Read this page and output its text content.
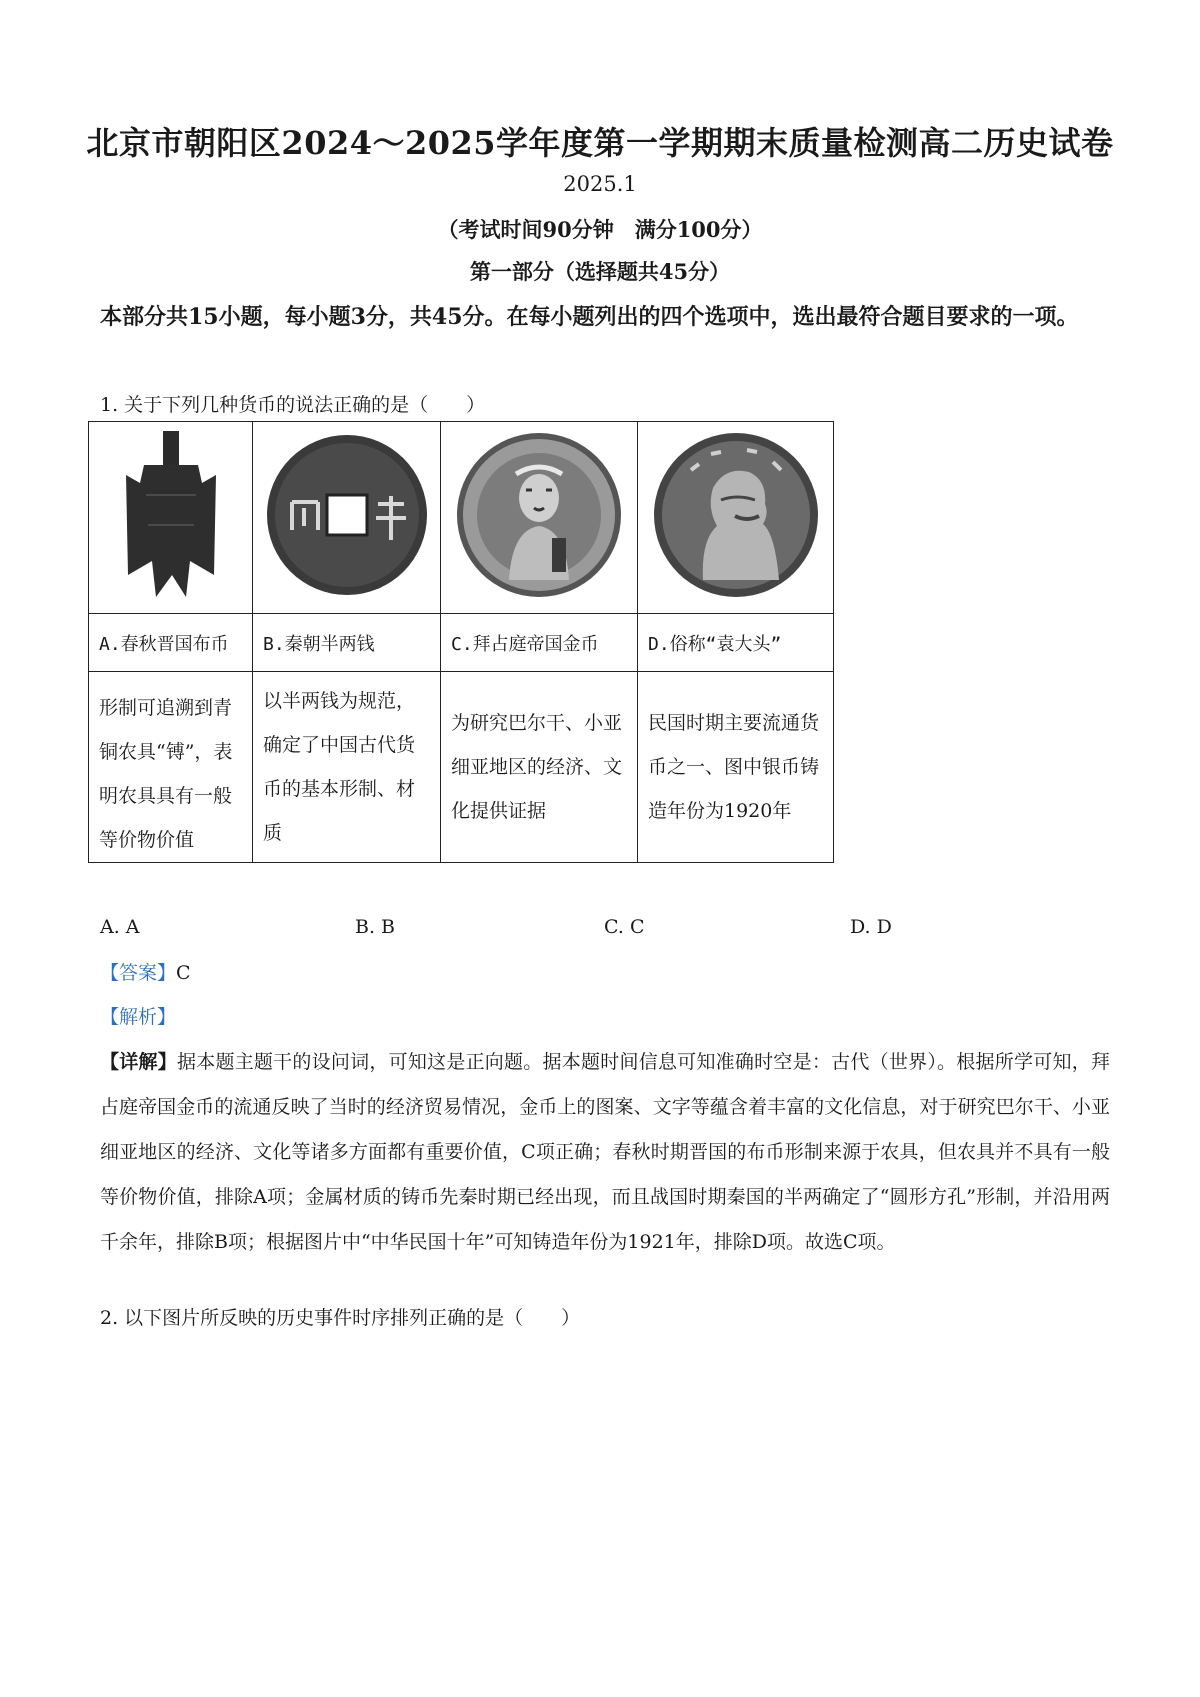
北京市朝阳区2024～2025学年度第一学期期末质量检测高二历史试卷
2025.1
（考试时间90分钟　满分100分）
第一部分（选择题共45分）
本部分共15小题，每小题3分，共45分。在每小题列出的四个选项中，选出最符合题目要求的一项。
1. 关于下列几种货币的说法正确的是（　　）

A.春秋晋国布币	B.秦朝半两钱	C.拜占庭帝国金币	D.俗称“袁大头”
形制可追溯到青铜农具“镈”，表明农具具有一般等价物价值	以半两钱为规范，确定了中国古代货币的基本形制、材质	为研究巴尔干、小亚细亚地区的经济、文化提供证据	民国时期主要流通货币之一、图中银币铸造年份为1920年
A. A	B. B	C. C	D. D
【答案】C
【解析】
【详解】据本题主题干的设问词，可知这是正向题。据本题时间信息可知准确时空是：古代（世界）。根据所学可知，拜占庭帝国金币的流通反映了当时的经济贸易情况，金币上的图案、文字等蕴含着丰富的文化信息，对于研究巴尔干、小亚细亚地区的经济、文化等诸多方面都有重要价值，C项正确；春秋时期晋国的布币形制来源于农具，但农具并不具有一般等价物价值，排除A项；金属材质的铸币先秦时期已经出现，而且战国时期秦国的半两确定了“圆形方孔”形制，并沿用两千余年，排除B项；根据图片中“中华民国十年”可知铸造年份为1921年，排除D项。故选C项。
2. 以下图片所反映的历史事件时序排列正确的是（　　）
